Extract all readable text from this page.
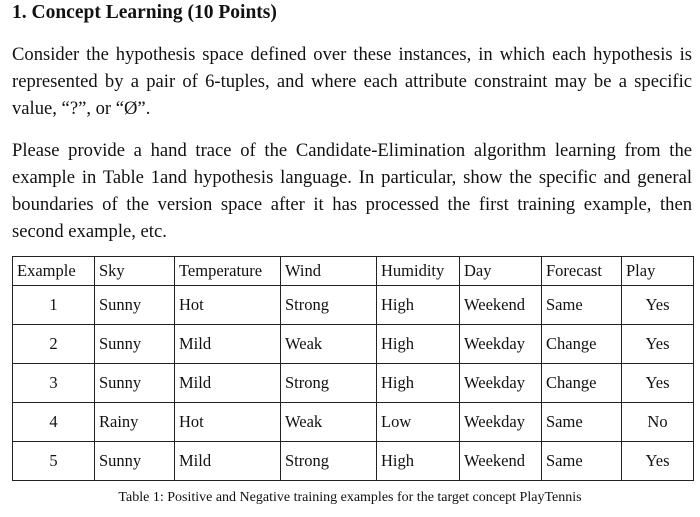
1. Concept Learning (10 Points)
Consider the hypothesis space defined over these instances, in which each hypothesis is represented by a pair of 6-tuples, and where each attribute constraint may be a specific value, “?”, or “Ø”.
Please provide a hand trace of the Candidate-Elimination algorithm learning from the example in Table 1and hypothesis language. In particular, show the specific and general boundaries of the version space after it has processed the first training example, then second example, etc.
Example	Sky	Temperature	Wind	Humidity	Day	Forecast	Play
1	Sunny	Hot	Strong	High	Weekend	Same	Yes
2	Sunny	Mild	Weak	High	Weekday	Change	Yes
3	Sunny	Mild	Strong	High	Weekday	Change	Yes
4	Rainy	Hot	Weak	Low	Weekday	Same	No
5	Sunny	Mild	Strong	High	Weekend	Same	Yes
Table 1: Positive and Negative training examples for the target concept PlayTennis
